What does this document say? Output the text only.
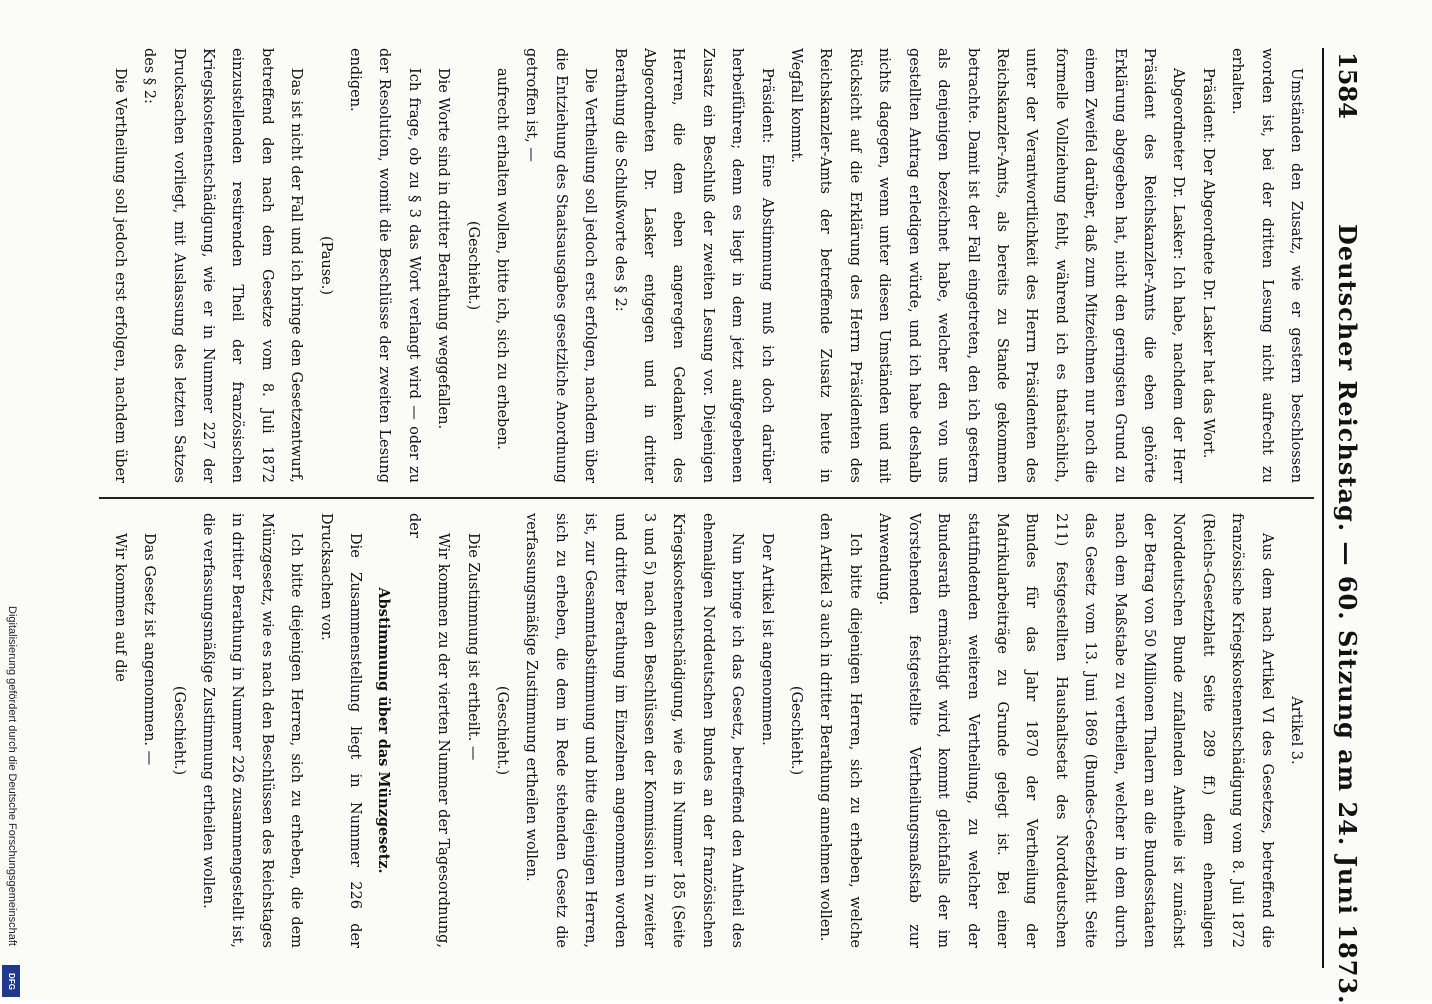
1584
Deutscher Reichstag. — 60. Sitzung am 24. Juni 1873.

Umständen den Zusatz, wie er gestern beschlossen worden ist, bei der dritten Lesung nicht aufrecht zu erhalten.

Präsident: Der Abgeordnete Dr. Lasker hat das Wort.

Abgeordneter Dr. Lasker: Ich habe, nachdem der Herr Präsident des Reichskanzler-Amts die eben gehörte Erklärung abgegeben hat, nicht den geringsten Grund zu einem Zweifel darüber, daß zum Mitzeichnen nur noch die formelle Vollziehung fehlt, während ich es thatsächlich, unter der Verantwortlichkeit des Herrn Präsidenten des Reichskanzler-Amts, als bereits zu Stande gekommen betrachte. Damit ist der Fall eingetreten, den ich gestern als denjenigen bezeichnet habe, welcher den von uns gestellten Antrag erledigen würde, und ich habe deshalb nichts dagegen, wenn unter diesen Umständen und mit Rücksicht auf die Erklärung des Herrn Präsidenten des Reichskanzler-Amts der betreffende Zusatz heute in Wegfall kommt.

Präsident: Eine Abstimmung muß ich doch darüber herbeiführen; denn es liegt in dem jetzt aufgegebenen Zusatz ein Beschluß der zweiten Lesung vor. Diejenigen Herren, die dem eben angeregten Gedanken des Abgeordneten Dr. Lasker entgegen und in dritter Berathung die Schlußworte des § 2:

Die Vertheilung soll jedoch erst erfolgen, nachdem über die Entziehung des Staatsausgabes gesetzliche Anordnung getroffen ist, —

aufrecht erhalten wollen, bitte ich, sich zu erheben.

(Geschieht.)

Die Worte sind in dritter Berathung weggefallen.

Ich frage, ob zu § 3 das Wort verlangt wird — oder zu der Resolution, womit die Beschlüsse der zweiten Lesung endigen.

(Pause.)

Das ist nicht der Fall und ich bringe den Gesetzentwurf, betreffend den nach dem Gesetze vom 8. Juli 1872 einzustellenden restirenden Theil der französischen Kriegskostenentschädigung, wie er in Nummer 227 der Drucksachen vorliegt, mit Auslassung des letzten Satzes des § 2:

Die Vertheilung soll jedoch erst erfolgen, nachdem über

Artikel 3.

Aus dem nach Artikel VI des Gesetzes, betreffend die französische Kriegskostenentschädigung vom 8. Juli 1872 (Reichs-Gesetzblatt Seite 289 ff.) dem ehemaligen Norddeutschen Bunde zufallenden Antheile ist zunächst der Betrag von 50 Millionen Thalern an die Bundesstaaten nach dem Maßstabe zu vertheilen, welcher in dem durch das Gesetz vom 13. Juni 1869 (Bundes-Gesetzblatt Seite 211) festgestellten Haushaltsetat des Norddeutschen Bundes für das Jahr 1870 der Vertheilung der Matrikularbeiträge zu Grunde gelegt ist. Bei einer stattfindenden weiteren Vertheilung, zu welcher der Bundesrath ermächtigt wird, kommt gleichfalls der im Vorstehenden festgestellte Vertheilungsmaßstab zur Anwendung.

Ich bitte diejenigen Herren, sich zu erheben, welche den Artikel 3 auch in dritter Berathung annehmen wollen.

(Geschieht.)

Der Artikel ist angenommen.

Nun bringe ich das Gesetz, betreffend den Antheil des ehemaligen Norddeutschen Bundes an der französischen Kriegskostenentschädigung, wie es in Nummer 185 (Seite 3 und 5) nach den Beschlüssen der Kommission in zweiter und dritter Berathung im Einzelnen angenommen worden ist, zur Gesammtabstimmung und bitte diejenigen Herren, sich zu erheben, die dem in Rede stehenden Gesetz die verfassungsmäßige Zustimmung ertheilen wollen.

(Geschieht.)

Die Zustimmung ist ertheilt. —

Wir kommen zu der vierten Nummer der Tagesordnung, der

Abstimmung über das Münzgesetz.

Die Zusammenstellung liegt in Nummer 226 der Drucksachen vor.

Ich bitte diejenigen Herren, sich zu erheben, die dem Münzgesetz, wie es nach den Beschlüssen des Reichstages in dritter Berathung in Nummer 226 zusammengestellt ist, die verfassungsmäßige Zustimmung ertheilen wollen.

(Geschieht.)

Das Gesetz ist angenommen. —

Wir kommen auf die

Digitalisierung gefördert durch die Deutsche Forschungsgemeinschaft
DFG
